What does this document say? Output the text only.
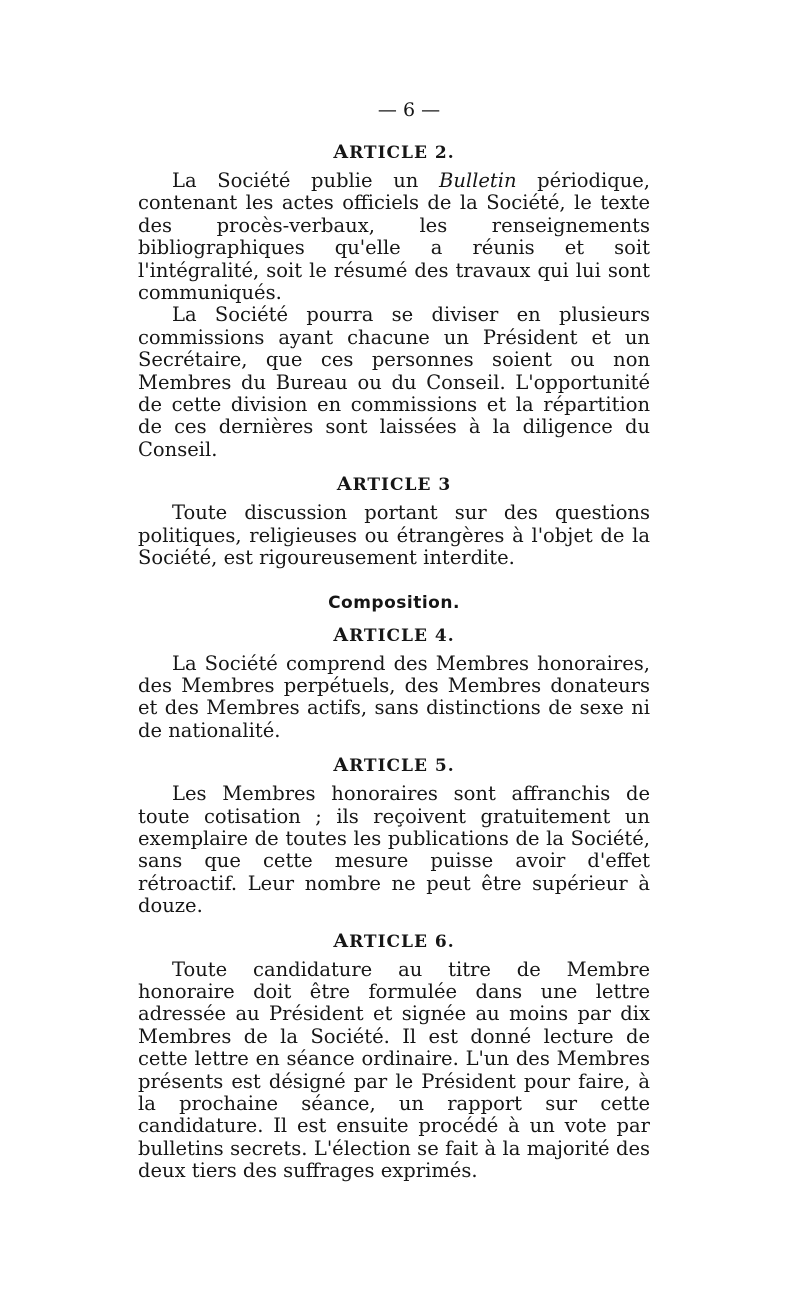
— 6 —
ARTICLE 2.

La Société publie un Bulletin périodique, contenant les actes officiels de la Société, le texte des procès-verbaux, les renseignements bibliographiques qu'elle a réunis et soit l'intégralité, soit le résumé des travaux qui lui sont communiqués.

La Société pourra se diviser en plusieurs commissions ayant chacune un Président et un Secrétaire, que ces personnes soient ou non Membres du Bureau ou du Conseil. L'opportunité de cette division en commissions et la répartition de ces dernières sont laissées à la diligence du Conseil.

ARTICLE 3

Toute discussion portant sur des questions politiques, religieuses ou étrangères à l'objet de la Société, est rigoureusement interdite.

Composition.
ARTICLE 4.

La Société comprend des Membres honoraires, des Membres perpétuels, des Membres donateurs et des Membres actifs, sans distinctions de sexe ni de nationalité.

ARTICLE 5.

Les Membres honoraires sont affranchis de toute cotisation ; ils reçoivent gratuitement un exemplaire de toutes les publications de la Société, sans que cette mesure puisse avoir d'effet rétroactif. Leur nombre ne peut être supérieur à douze.

ARTICLE 6.

Toute candidature au titre de Membre honoraire doit être formulée dans une lettre adressée au Président et signée au moins par dix Membres de la Société. Il est donné lecture de cette lettre en séance ordinaire. L'un des Membres présents est désigné par le Président pour faire, à la prochaine séance, un rapport sur cette candidature. Il est ensuite procédé à un vote par bulletins secrets. L'élection se fait à la majorité des deux tiers des suffrages exprimés.
